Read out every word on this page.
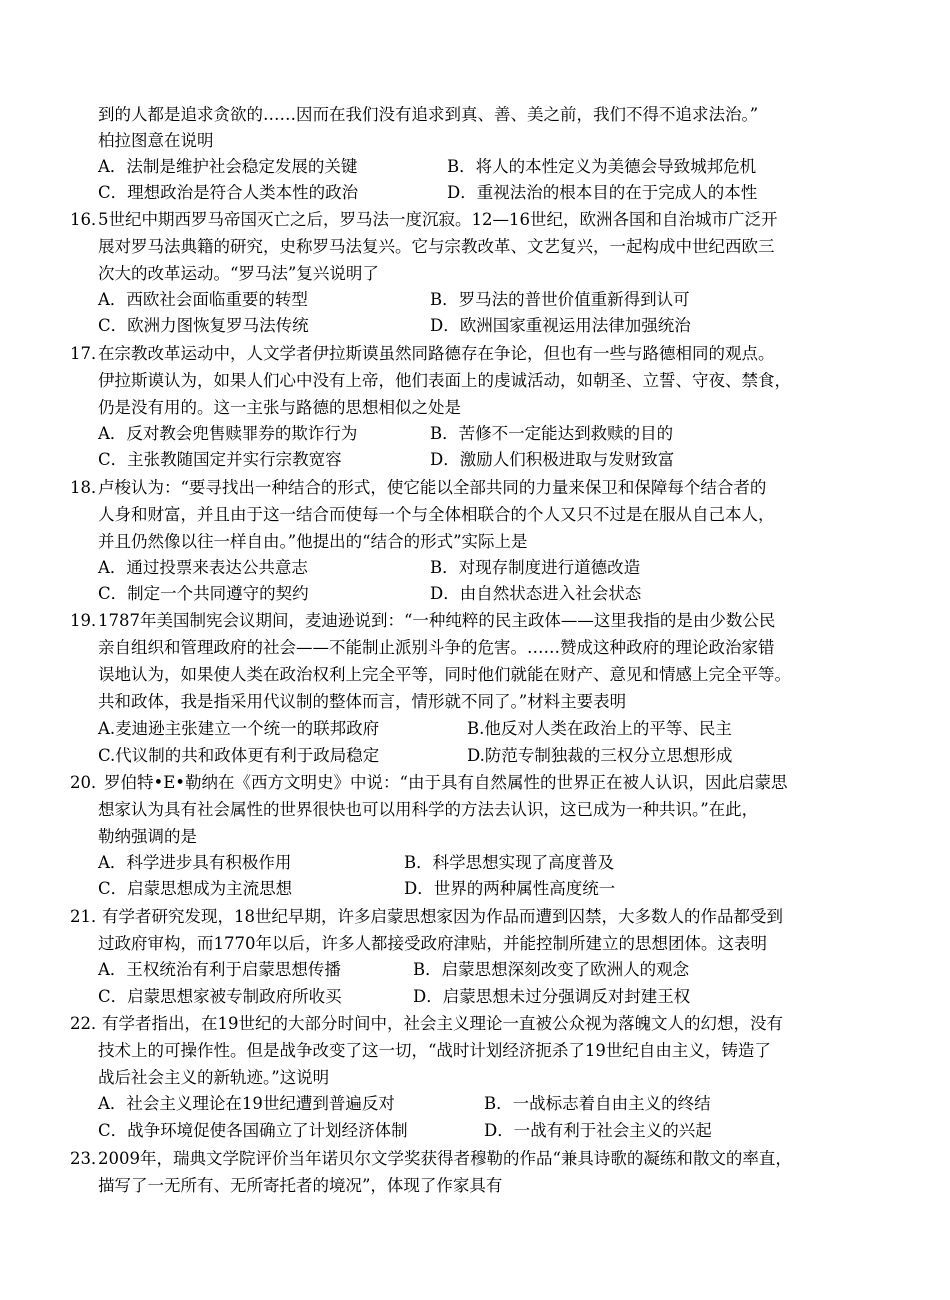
到的人都是追求贪欲的……因而在我们没有追求到真、善、美之前，我们不得不追求法治。”
柏拉图意在说明
A．法制是维护社会稳定发展的关键	B．将人的本性定义为美德会导致城邦危机
C．理想政治是符合人类本性的政治	D．重视法治的根本目的在于完成人的本性
16．
5世纪中期西罗马帝国灭亡之后，罗马法一度沉寂。12—16世纪，欧洲各国和自治城市广泛开
展对罗马法典籍的研究，史称罗马法复兴。它与宗教改革、文艺复兴，一起构成中世纪西欧三
次大的改革运动。“罗马法”复兴说明了
A．西欧社会面临重要的转型	B．罗马法的普世价值重新得到认可
C．欧洲力图恢复罗马法传统	D．欧洲国家重视运用法律加强统治
17．
在宗教改革运动中，人文学者伊拉斯谟虽然同路德存在争论，但也有一些与路德相同的观点。
伊拉斯谟认为，如果人们心中没有上帝，他们表面上的虔诚活动，如朝圣、立誓、守夜、禁食，
仍是没有用的。这一主张与路德的思想相似之处是
A．反对教会兜售赎罪券的欺诈行为	B．苦修不一定能达到救赎的目的
C．主张教随国定并实行宗教宽容	D．激励人们积极进取与发财致富
18．
卢梭认为：“要寻找出一种结合的形式，使它能以全部共同的力量来保卫和保障每个结合者的
人身和财富，并且由于这一结合而使每一个与全体相联合的个人又只不过是在服从自己本人，
并且仍然像以往一样自由。”他提出的“结合的形式”实际上是
A．通过投票来表达公共意志	B．对现存制度进行道德改造
C．制定一个共同遵守的契约	D．由自然状态进入社会状态
19．
1787年美国制宪会议期间，麦迪逊说到：“一种纯粹的民主政体——这里我指的是由少数公民
亲自组织和管理政府的社会——不能制止派别斗争的危害。……赞成这种政府的理论政治家错
误地认为，如果使人类在政治权利上完全平等，同时他们就能在财产、意见和情感上完全平等。
共和政体，我是指采用代议制的整体而言，情形就不同了。”材料主要表明
A.麦迪逊主张建立一个统一的联邦政府	B.他反对人类在政治上的平等、民主
C.代议制的共和政体更有利于政局稳定	D.防范专制独裁的三权分立思想形成
20．
罗伯特•E•勒纳在《西方文明史》中说：“由于具有自然属性的世界正在被人认识，因此启蒙思
想家认为具有社会属性的世界很快也可以用科学的方法去认识，这已成为一种共识。”在此，
勒纳强调的是
A．科学进步具有积极作用	B．科学思想实现了高度普及
C．启蒙思想成为主流思想	D．世界的两种属性高度统一
21．
有学者研究发现，18世纪早期，许多启蒙思想家因为作品而遭到囚禁，大多数人的作品都受到
过政府审构，而1770年以后，许多人都接受政府津贴，并能控制所建立的思想团体。这表明
A．王权统治有利于启蒙思想传播	B．启蒙思想深刻改变了欧洲人的观念
C．启蒙思想家被专制政府所收买	D．启蒙思想未过分强调反对封建王权
22．
有学者指出，在19世纪的大部分时间中，社会主义理论一直被公众视为落魄文人的幻想，没有
技术上的可操作性。但是战争改变了这一切，“战时计划经济扼杀了19世纪自由主义，铸造了
战后社会主义的新轨迹。”这说明
A．社会主义理论在19世纪遭到普遍反对	B．一战标志着自由主义的终结
C．战争环境促使各国确立了计划经济体制	D．一战有利于社会主义的兴起
23．
2009年，瑞典文学院评价当年诺贝尔文学奖获得者穆勒的作品“兼具诗歌的凝练和散文的率直，
描写了一无所有、无所寄托者的境况”，体现了作家具有
